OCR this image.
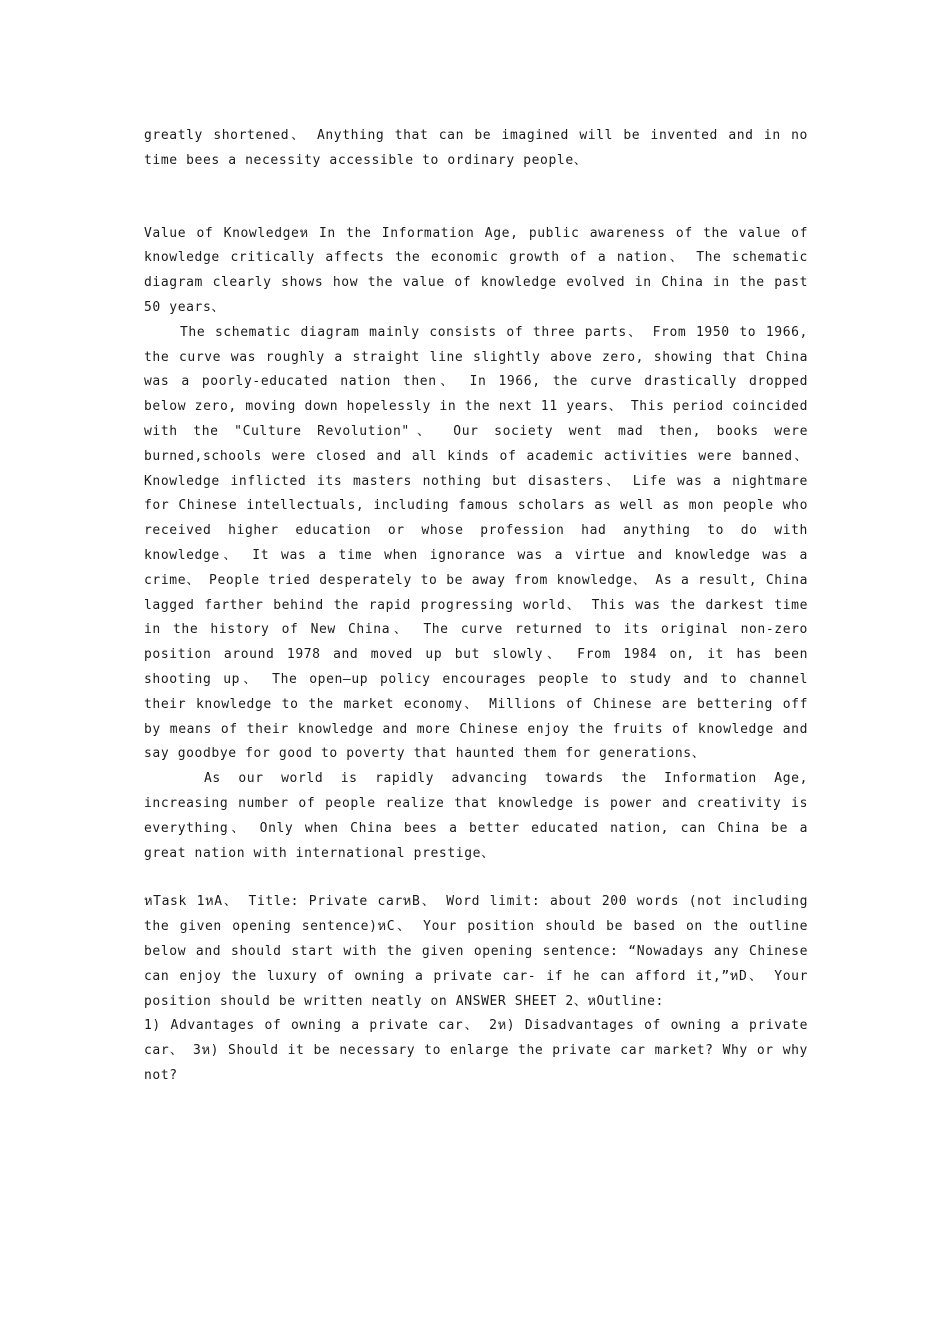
greatly shortened、 Anything that can be imagined will be invented and in no time bees a necessity accessible to ordinary people、

Value of Knowledgeห In the Information Age, public awareness of the value of knowledge critically affects the economic growth of a nation、 The schematic diagram clearly shows how the value of knowledge evolved in China in the past 50 years、

The schematic diagram mainly consists of three parts、 From 1950 to 1966, the curve was roughly a straight line slightly above zero, showing that China was a poorly-educated nation then、 In 1966, the curve drastically dropped below zero, moving down hopelessly in the next 11 years、 This period coincided with the "Culture Revolution"、 Our society went mad then, books were burned,schools were closed and all kinds of academic activities were banned、 Knowledge inflicted its masters nothing but disasters、 Life was a nightmare for Chinese intellectuals, including famous scholars as well as mon people who received higher education or whose profession had anything to do with knowledge、 It was a time when ignorance was a virtue and knowledge was a crime、 People tried desperately to be away from knowledge、 As a result, China lagged farther behind the rapid progressing world、 This was the darkest time in the history of New China、 The curve returned to its original non-zero position around 1978 and moved up but slowly、 From 1984 on, it has been shooting up、 The open—up policy encourages people to study and to channel their knowledge to the market economy、 Millions of Chinese are bettering off by means of their knowledge and more Chinese enjoy the fruits of knowledge and say goodbye for good to poverty that haunted them for generations、

As our world is rapidly advancing towards the Information Age, increasing number of people realize that knowledge is power and creativity is everything、 Only when China bees a better educated nation, can China be a great nation with international prestige、

หTask 1หA、 Title: Private carหB、 Word limit: about 200 words (not including the given opening sentence)หC、 Your position should be based on the outline below and should start with the given opening sentence: “Nowadays any Chinese can enjoy the luxury of owning a private car- if he can afford it,”หD、 Your position should be written neatly on ANSWER SHEET 2、หOutline:

1) Advantages of owning a private car、 2ห) Disadvantages of owning a private car、 3ห) Should it be necessary to enlarge the private car market? Why or why not?
